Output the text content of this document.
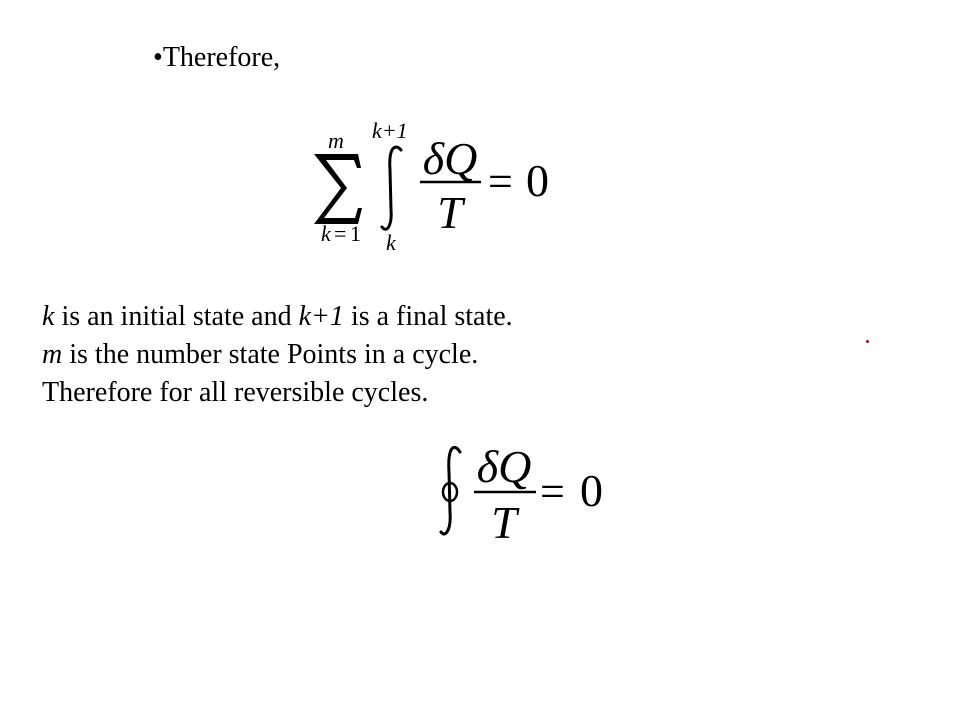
•Therefore,
m
k = 1
k+1
k
δQ
T
= 0
k is an initial state and k+1 is a final state.
m is the number state Points in a cycle.
Therefore for all reversible cycles.
δQ
T
= 0
